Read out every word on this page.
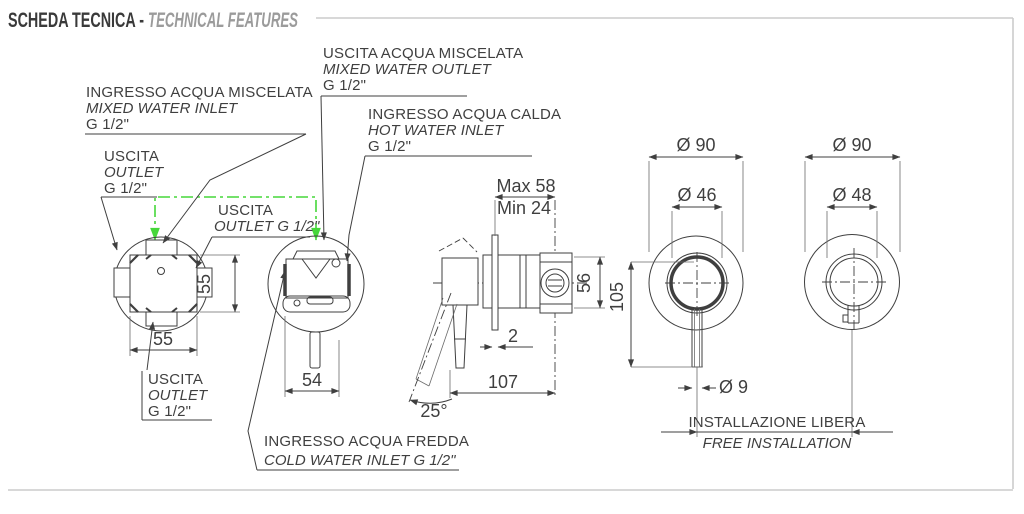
SCHEDA TECNICA - TECHNICAL FEATURES
55
55
54
Max 58
Min 24
2
107
25°
56
Ø 90
Ø 46
105
Ø 9
Ø 90
Ø 48
INSTALLAZIONE LIBERA
FREE INSTALLATION
INGRESSO ACQUA MISCELATA
MIXED WATER INLET
G 1/2"
USCITA
OUTLET
G 1/2"
USCITA ACQUA MISCELATA
MIXED WATER OUTLET
G 1/2"
USCITA
OUTLET G 1/2"
INGRESSO ACQUA CALDA
HOT WATER INLET
G 1/2"
USCITA
OUTLET
G 1/2"
INGRESSO ACQUA FREDDA
COLD WATER INLET G 1/2"
